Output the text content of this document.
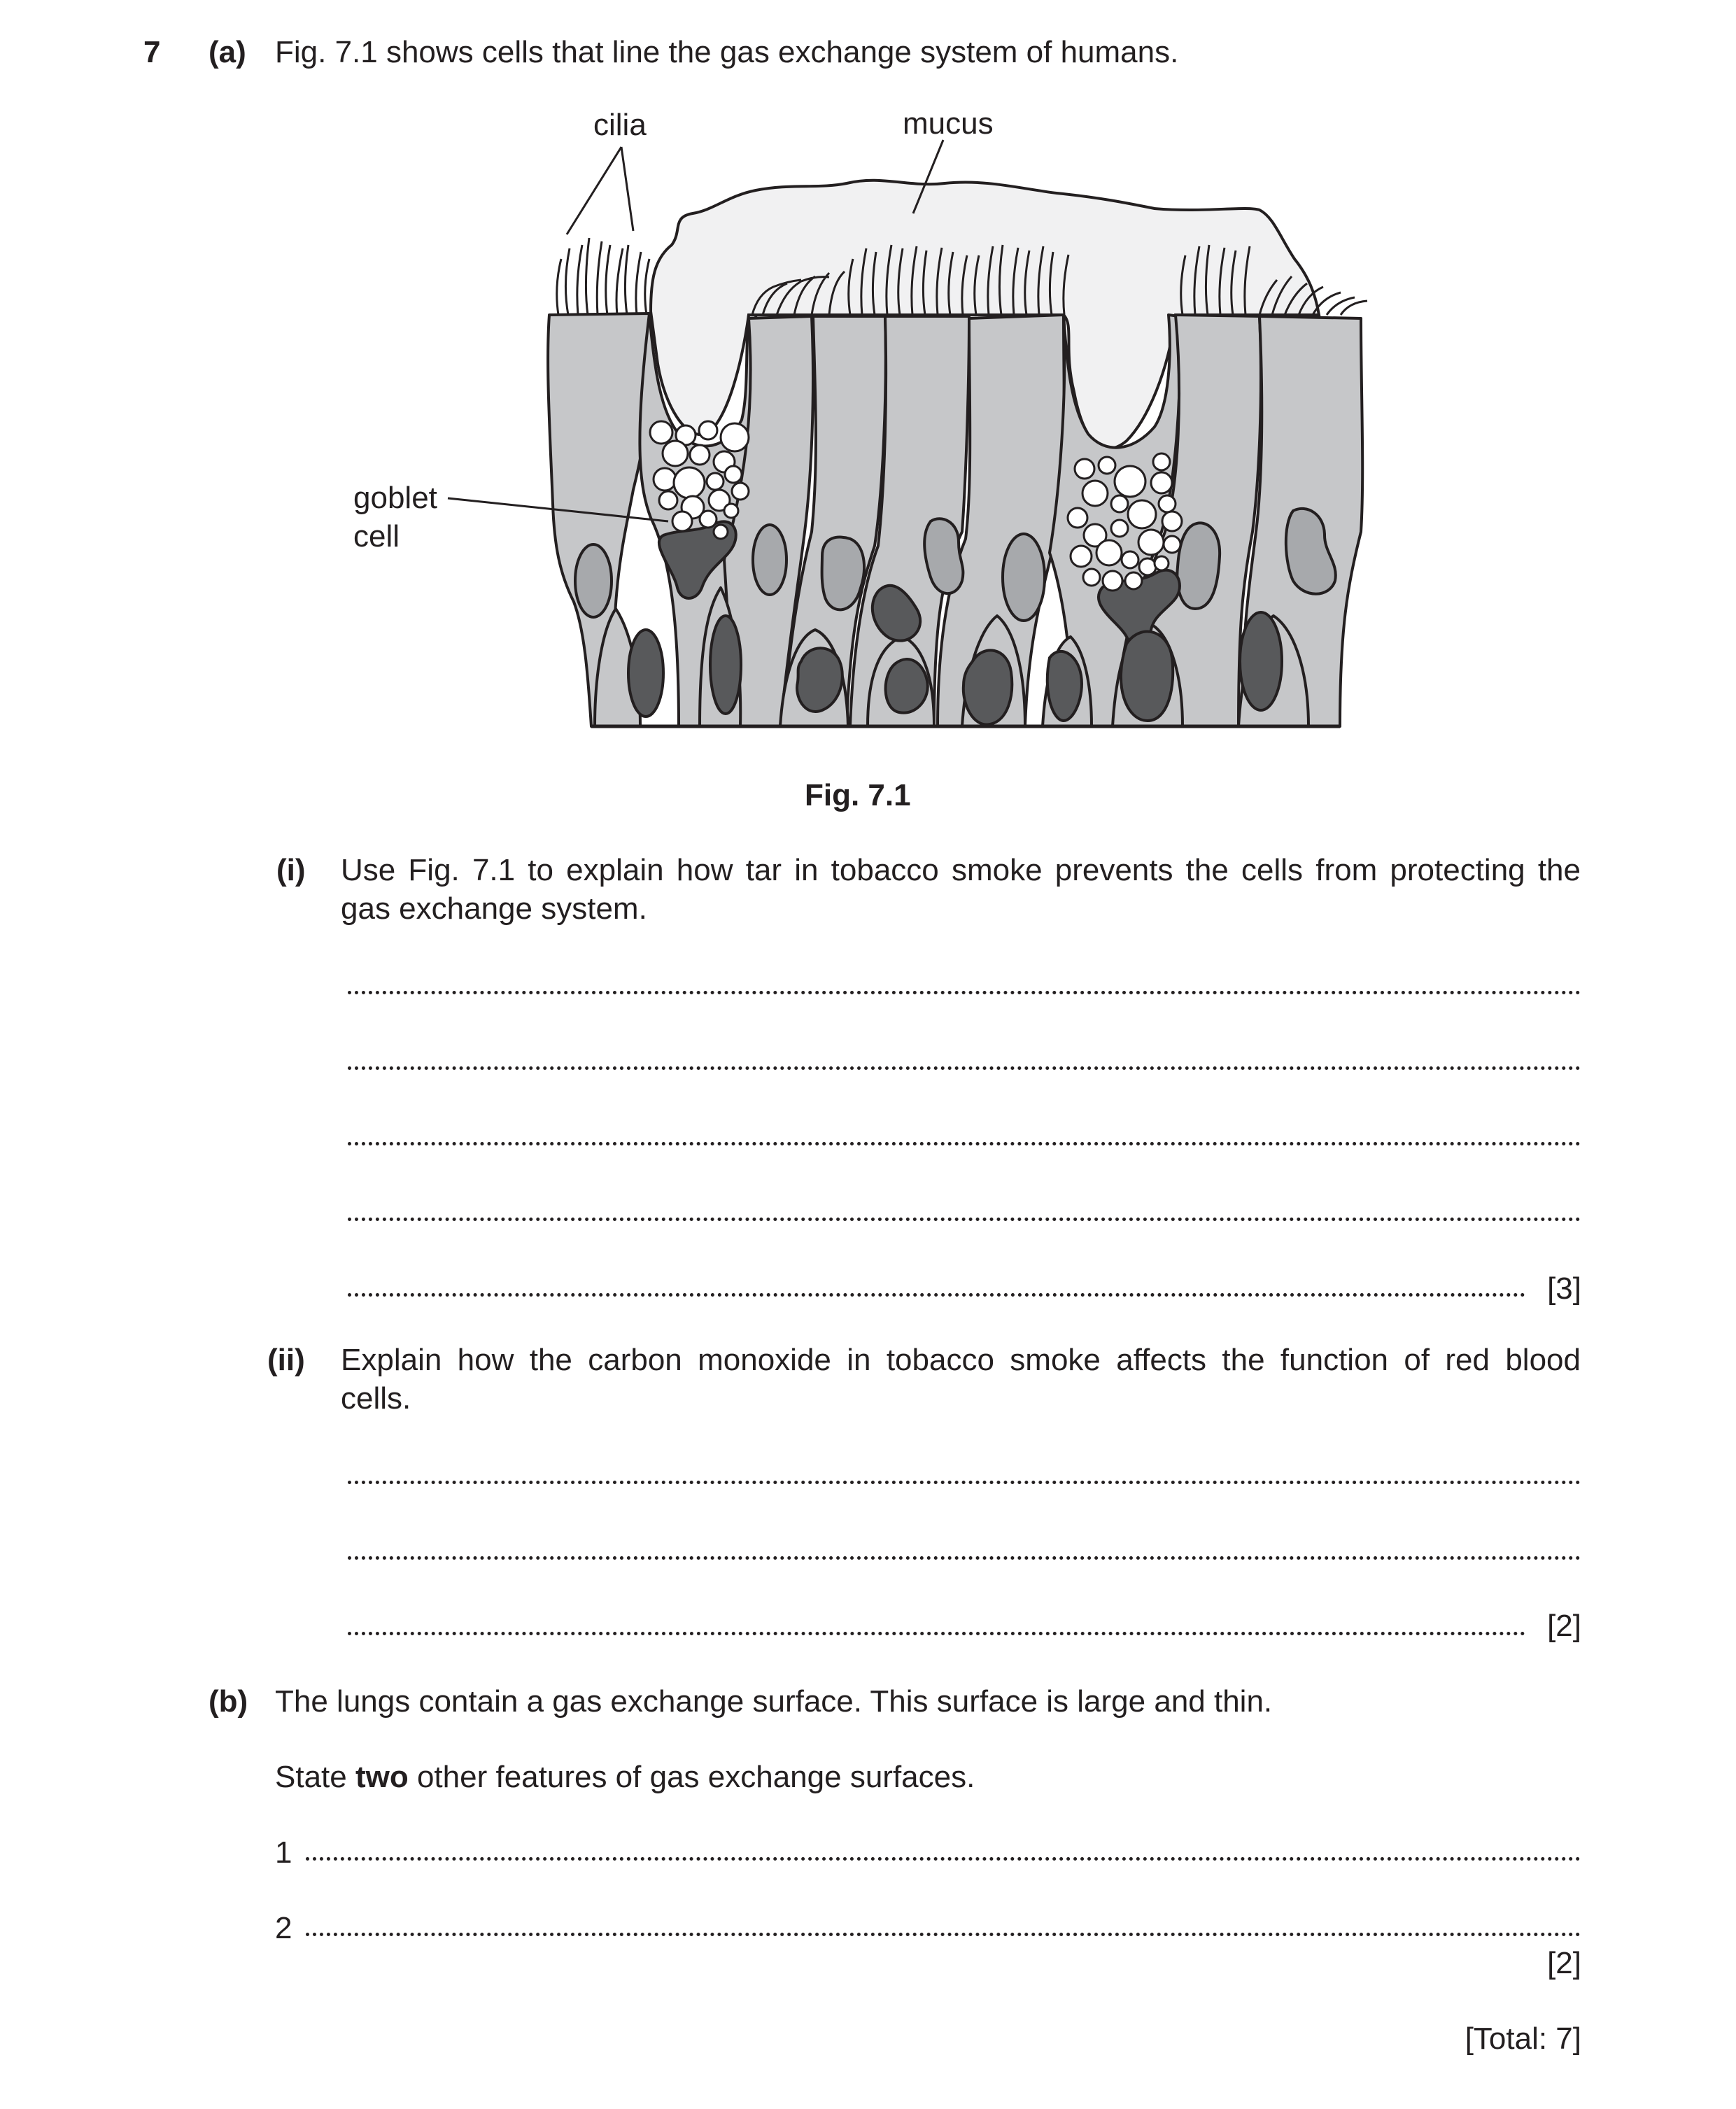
7 (a) Fig. 7.1 shows cells that line the gas exchange system of humans.
cilia	mucus
goblet
cell
Fig. 7.1
(i) Use Fig. 7.1 to explain how tar in tobacco smoke prevents the cells from protecting the
gas exchange system.
[3]
(ii) Explain how the carbon monoxide in tobacco smoke affects the function of red blood
cells.
[2]
(b) The lungs contain a gas exchange surface. This surface is large and thin.
State two other features of gas exchange surfaces.
1
2
[2]
[Total: 7]
